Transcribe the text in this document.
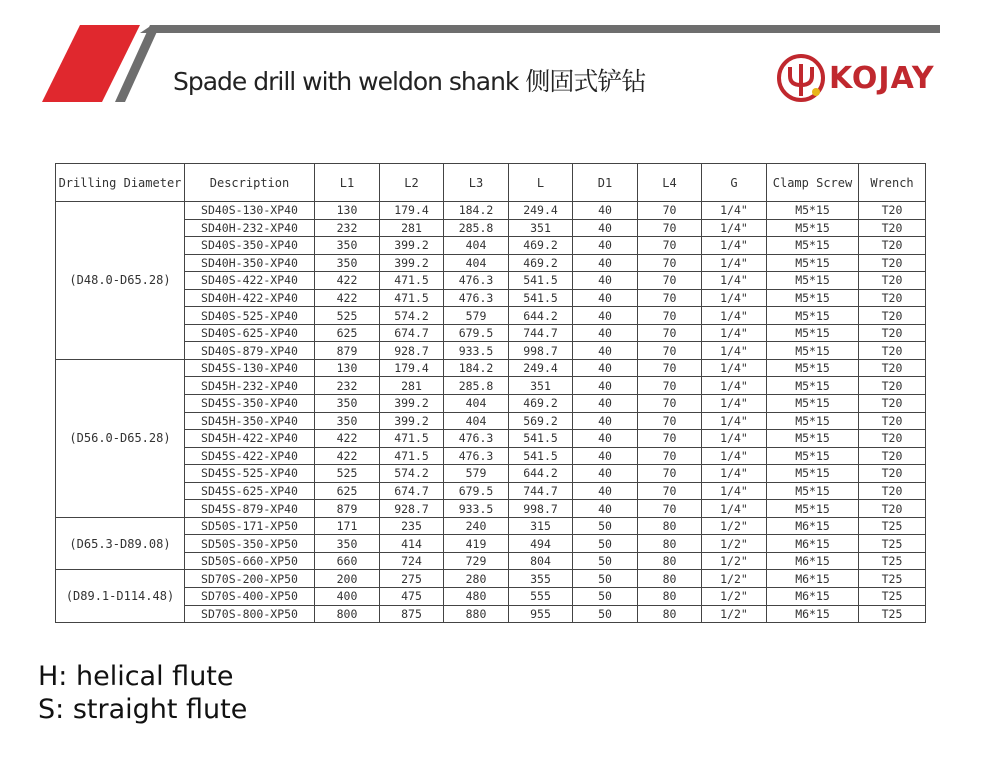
Spade drill with weldon shank 侧固式铲钻	KOJAY
Drilling Diameter	Description	L1	L2	L3	L	D1	L4	G	Clamp Screw	Wrench
(D48.0-D65.28)	SD40S-130-XP40	130	179.4	184.2	249.4	40	70	1/4"	M5*15	T20
	SD40H-232-XP40	232	281	285.8	351	40	70	1/4"	M5*15	T20
	SD40S-350-XP40	350	399.2	404	469.2	40	70	1/4"	M5*15	T20
	SD40H-350-XP40	350	399.2	404	469.2	40	70	1/4"	M5*15	T20
	SD40S-422-XP40	422	471.5	476.3	541.5	40	70	1/4"	M5*15	T20
	SD40H-422-XP40	422	471.5	476.3	541.5	40	70	1/4"	M5*15	T20
	SD40S-525-XP40	525	574.2	579	644.2	40	70	1/4"	M5*15	T20
	SD40S-625-XP40	625	674.7	679.5	744.7	40	70	1/4"	M5*15	T20
	SD40S-879-XP40	879	928.7	933.5	998.7	40	70	1/4"	M5*15	T20
(D56.0-D65.28)	SD45S-130-XP40	130	179.4	184.2	249.4	40	70	1/4"	M5*15	T20
	SD45H-232-XP40	232	281	285.8	351	40	70	1/4"	M5*15	T20
	SD45S-350-XP40	350	399.2	404	469.2	40	70	1/4"	M5*15	T20
	SD45H-350-XP40	350	399.2	404	569.2	40	70	1/4"	M5*15	T20
	SD45H-422-XP40	422	471.5	476.3	541.5	40	70	1/4"	M5*15	T20
	SD45S-422-XP40	422	471.5	476.3	541.5	40	70	1/4"	M5*15	T20
	SD45S-525-XP40	525	574.2	579	644.2	40	70	1/4"	M5*15	T20
	SD45S-625-XP40	625	674.7	679.5	744.7	40	70	1/4"	M5*15	T20
	SD45S-879-XP40	879	928.7	933.5	998.7	40	70	1/4"	M5*15	T20
(D65.3-D89.08)	SD50S-171-XP50	171	235	240	315	50	80	1/2"	M6*15	T25
	SD50S-350-XP50	350	414	419	494	50	80	1/2"	M6*15	T25
	SD50S-660-XP50	660	724	729	804	50	80	1/2"	M6*15	T25
(D89.1-D114.48)	SD70S-200-XP50	200	275	280	355	50	80	1/2"	M6*15	T25
	SD70S-400-XP50	400	475	480	555	50	80	1/2"	M6*15	T25
	SD70S-800-XP50	800	875	880	955	50	80	1/2"	M6*15	T25
H: helical flute
S: straight flute
